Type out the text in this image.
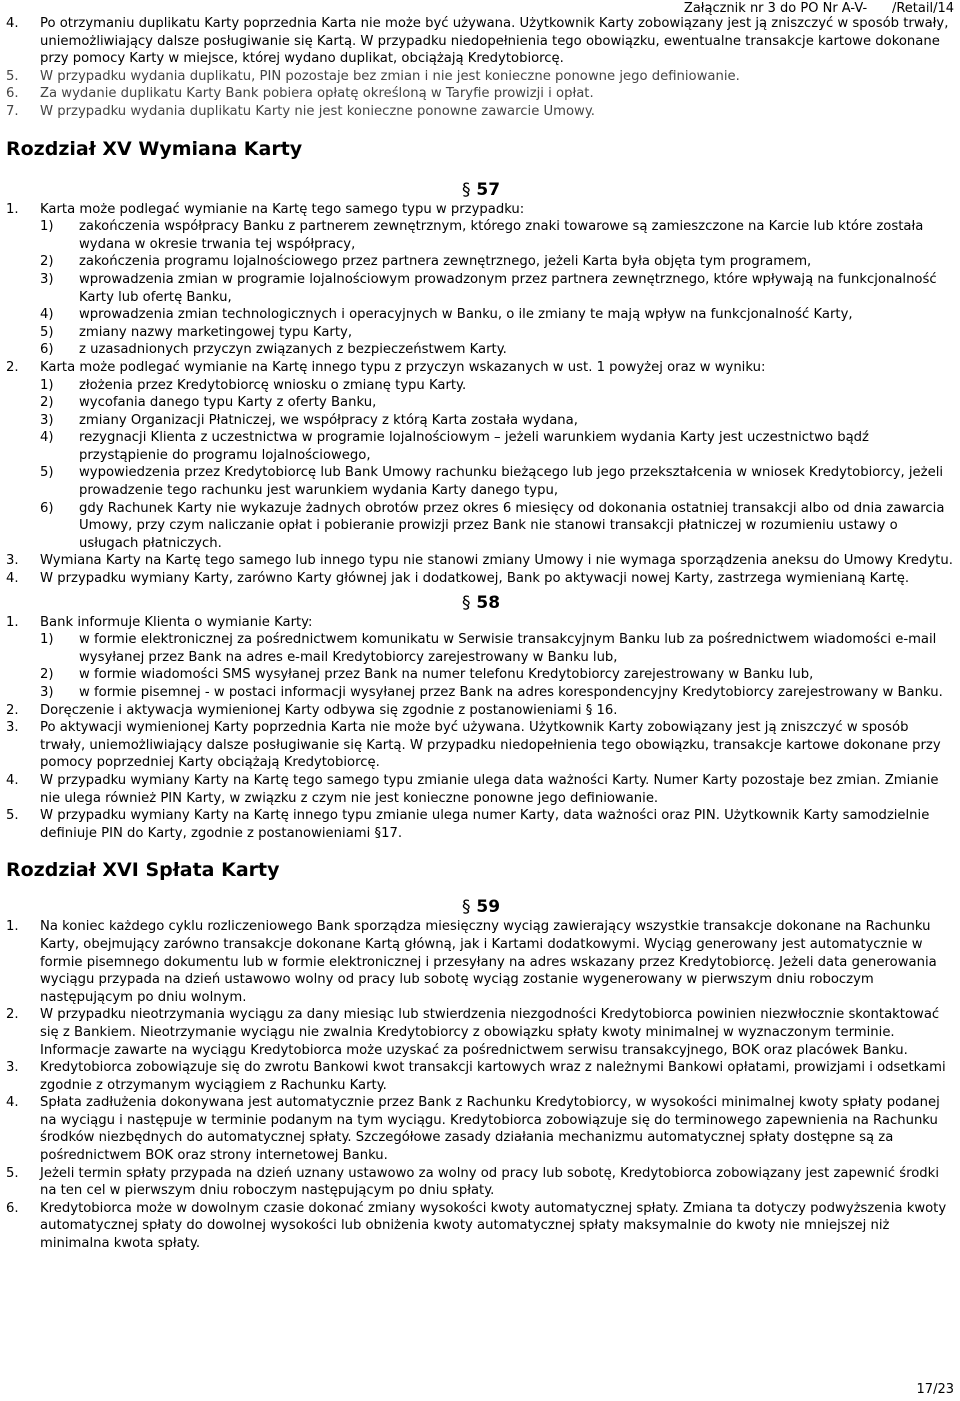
Załącznik nr 3 do PO Nr A-V-      /Retail/14
4.	Po otrzymaniu duplikatu Karty poprzednia Karta nie może być używana. Użytkownik Karty zobowiązany jest ją zniszczyć w sposób trwały, uniemożliwiający dalsze posługiwanie się Kartą. W przypadku niedopełnienia tego obowiązku, ewentualne transakcje kartowe dokonane przy pomocy Karty w miejsce, której wydano duplikat, obciążają Kredytobiorcę.
5.	W przypadku wydania duplikatu, PIN pozostaje bez zmian i nie jest konieczne ponowne jego definiowanie.
6.	Za wydanie duplikatu Karty Bank pobiera opłatę określoną w Taryfie prowizji i opłat.
7.	W przypadku wydania duplikatu Karty nie jest konieczne ponowne zawarcie Umowy.
Rozdział XV Wymiana Karty
§ 57
1.	Karta może podlegać wymianie na Kartę tego samego typu w przypadku:
1)	zakończenia współpracy Banku z partnerem zewnętrznym, którego znaki towarowe są zamieszczone na Karcie lub które została wydana w okresie trwania tej współpracy,
2)	zakończenia programu lojalnościowego przez partnera zewnętrznego, jeżeli Karta była objęta tym programem,
3)	wprowadzenia zmian w programie lojalnościowym prowadzonym przez partnera zewnętrznego, które wpływają na funkcjonalność Karty lub ofertę Banku,
4)	wprowadzenia zmian technologicznych i operacyjnych w Banku, o ile zmiany te mają wpływ na funkcjonalność Karty,
5)	zmiany nazwy marketingowej typu Karty,
6)	z uzasadnionych przyczyn związanych z bezpieczeństwem Karty.
2.	Karta może podlegać wymianie na Kartę innego typu z przyczyn wskazanych w ust. 1 powyżej oraz w wyniku:
1)	złożenia przez Kredytobiorcę wniosku o zmianę typu Karty.
2)	wycofania danego typu Karty z oferty Banku,
3)	zmiany Organizacji Płatniczej, we współpracy z którą Karta została wydana,
4)	rezygnacji Klienta z uczestnictwa w programie lojalnościowym – jeżeli warunkiem wydania Karty jest uczestnictwo bądź przystąpienie do programu lojalnościowego,
5)	wypowiedzenia przez Kredytobiorcę lub Bank Umowy rachunku bieżącego lub jego przekształcenia w wniosek Kredytobiorcy, jeżeli prowadzenie tego rachunku jest warunkiem wydania Karty danego typu,
6)	gdy Rachunek Karty nie wykazuje żadnych obrotów przez okres 6 miesięcy od dokonania ostatniej transakcji albo od dnia zawarcia Umowy, przy czym naliczanie opłat i pobieranie prowizji przez Bank nie stanowi transakcji płatniczej w rozumieniu ustawy o usługach płatniczych.
3.	Wymiana Karty na Kartę tego samego lub innego typu nie stanowi zmiany Umowy i nie wymaga sporządzenia aneksu do Umowy Kredytu.
4.	W przypadku wymiany Karty, zarówno Karty głównej jak i dodatkowej, Bank po aktywacji nowej Karty, zastrzega wymienianą Kartę.
§ 58
1.	Bank informuje Klienta o wymianie Karty:
1)	w formie elektronicznej za pośrednictwem komunikatu w Serwisie transakcyjnym Banku lub za pośrednictwem wiadomości e-mail wysyłanej przez Bank na adres e-mail Kredytobiorcy zarejestrowany w Banku lub,
2)	w formie wiadomości SMS wysyłanej przez Bank na numer telefonu Kredytobiorcy zarejestrowany w Banku lub,
3)	w formie pisemnej - w postaci informacji wysyłanej przez Bank na adres korespondencyjny Kredytobiorcy zarejestrowany w Banku.
2.	Doręczenie i aktywacja wymienionej Karty odbywa się zgodnie z postanowieniami § 16.
3.	Po aktywacji wymienionej Karty poprzednia Karta nie może być używana. Użytkownik Karty zobowiązany jest ją zniszczyć w sposób trwały, uniemożliwiający dalsze posługiwanie się Kartą. W przypadku niedopełnienia tego obowiązku, transakcje kartowe dokonane przy pomocy poprzedniej Karty obciążają Kredytobiorcę.
4.	W przypadku wymiany Karty na Kartę tego samego typu zmianie ulega data ważności Karty. Numer Karty pozostaje bez zmian. Zmianie nie ulega również PIN Karty, w związku z czym nie jest konieczne ponowne jego definiowanie.
5.	W przypadku wymiany Karty na Kartę innego typu zmianie ulega numer Karty, data ważności oraz PIN. Użytkownik Karty samodzielnie definiuje PIN do Karty, zgodnie z postanowieniami §17.
Rozdział XVI Spłata Karty
§ 59
1.	Na koniec każdego cyklu rozliczeniowego Bank sporządza miesięczny wyciąg zawierający wszystkie transakcje dokonane na Rachunku Karty, obejmujący zarówno transakcje dokonane Kartą główną, jak i Kartami dodatkowymi. Wyciąg generowany jest automatycznie w formie pisemnego dokumentu lub w formie elektronicznej i przesyłany na adres wskazany przez Kredytobiorcę. Jeżeli data generowania wyciągu przypada na dzień ustawowo wolny od pracy lub sobotę wyciąg zostanie wygenerowany w pierwszym dniu roboczym następującym po dniu wolnym.
2.	W przypadku nieotrzymania wyciągu za dany miesiąc lub stwierdzenia niezgodności Kredytobiorca powinien niezwłocznie skontaktować się z Bankiem. Nieotrzymanie wyciągu nie zwalnia Kredytobiorcy z obowiązku spłaty kwoty minimalnej w wyznaczonym terminie. Informacje zawarte na wyciągu Kredytobiorca może uzyskać za pośrednictwem serwisu transakcyjnego, BOK oraz placówek Banku.
3.	Kredytobiorca zobowiązuje się do zwrotu Bankowi kwot transakcji kartowych wraz z należnymi Bankowi opłatami, prowizjami i odsetkami zgodnie z otrzymanym wyciągiem z Rachunku Karty.
4.	Spłata zadłużenia dokonywana jest automatycznie przez Bank z Rachunku Kredytobiorcy, w wysokości minimalnej kwoty spłaty podanej na wyciągu i następuje w terminie podanym na tym wyciągu. Kredytobiorca zobowiązuje się do terminowego zapewnienia na Rachunku środków niezbędnych do automatycznej spłaty. Szczegółowe zasady działania mechanizmu automatycznej spłaty dostępne są za pośrednictwem BOK oraz strony internetowej Banku.
5.	Jeżeli termin spłaty przypada na dzień uznany ustawowo za wolny od pracy lub sobotę, Kredytobiorca zobowiązany jest zapewnić środki na ten cel w pierwszym dniu roboczym następującym po dniu spłaty.
6.	Kredytobiorca może w dowolnym czasie dokonać zmiany wysokości kwoty automatycznej spłaty. Zmiana ta dotyczy podwyższenia kwoty automatycznej spłaty do dowolnej wysokości lub obniżenia kwoty automatycznej spłaty maksymalnie do kwoty nie mniejszej niż minimalna kwota spłaty.
17/23
